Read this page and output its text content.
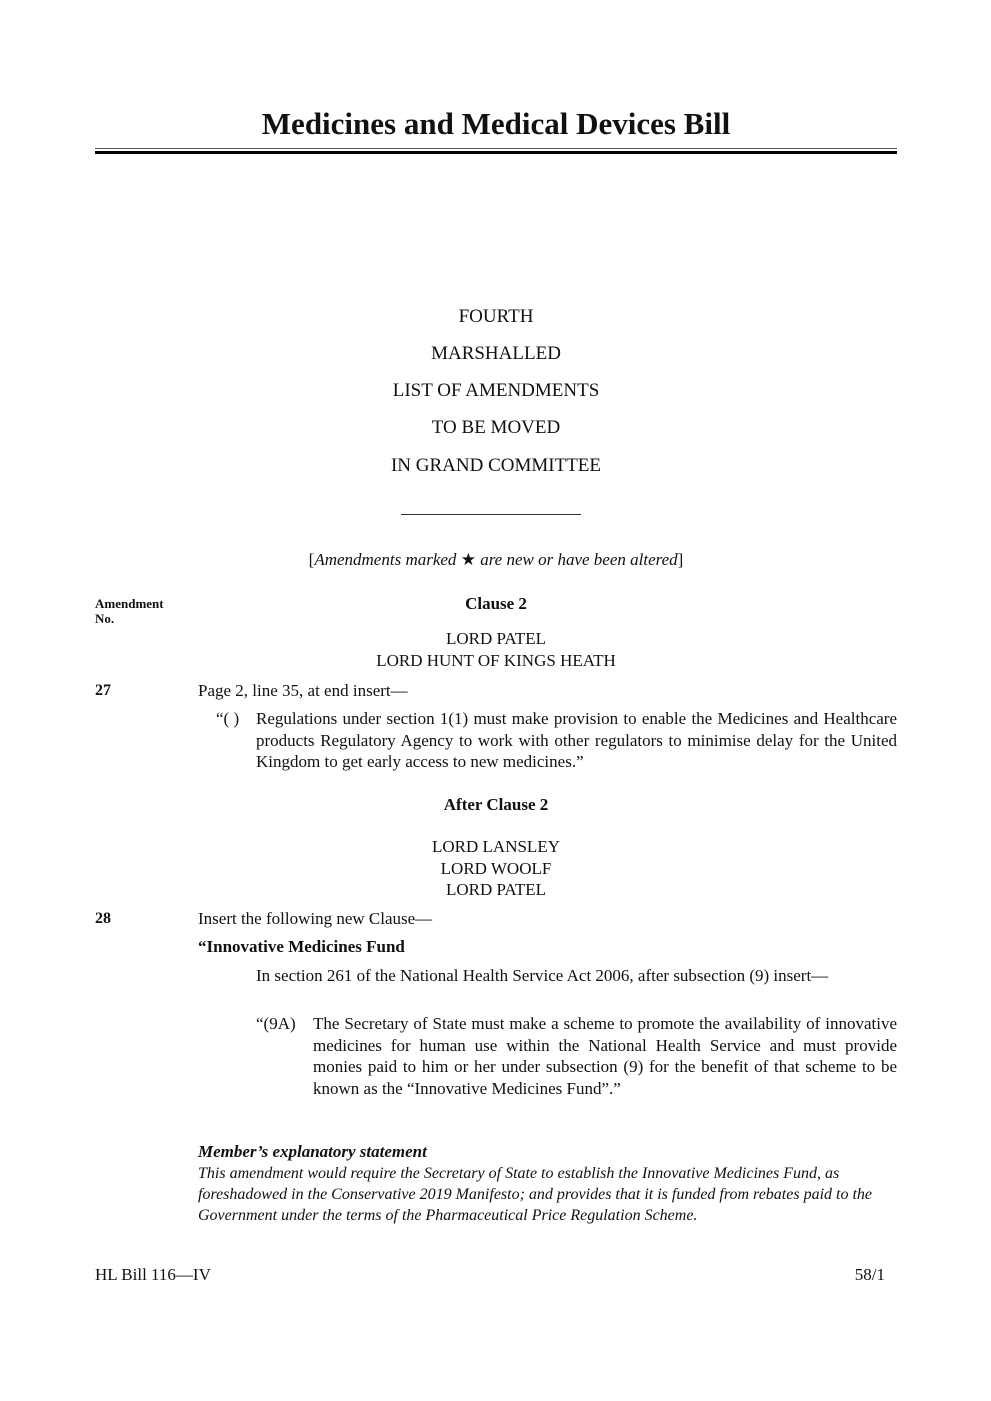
Medicines and Medical Devices Bill
FOURTH
MARSHALLED
LIST OF AMENDMENTS
TO BE MOVED
IN GRAND COMMITTEE
[Amendments marked ★ are new or have been altered]
Amendment
No.
Clause 2
LORD PATEL
LORD HUNT OF KINGS HEATH
27	Page 2, line 35, at end insert—
“( ) Regulations under section 1(1) must make provision to enable the Medicines and Healthcare products Regulatory Agency to work with other regulators to minimise delay for the United Kingdom to get early access to new medicines.”
After Clause 2
LORD LANSLEY
LORD WOOLF
LORD PATEL
28	Insert the following new Clause—
“Innovative Medicines Fund
In section 261 of the National Health Service Act 2006, after subsection (9) insert—
“(9A) The Secretary of State must make a scheme to promote the availability of innovative medicines for human use within the National Health Service and must provide monies paid to him or her under subsection (9) for the benefit of that scheme to be known as the “Innovative Medicines Fund”.”
Member’s explanatory statement
This amendment would require the Secretary of State to establish the Innovative Medicines Fund, as foreshadowed in the Conservative 2019 Manifesto; and provides that it is funded from rebates paid to the Government under the terms of the Pharmaceutical Price Regulation Scheme.
HL Bill 116—IV	58/1
